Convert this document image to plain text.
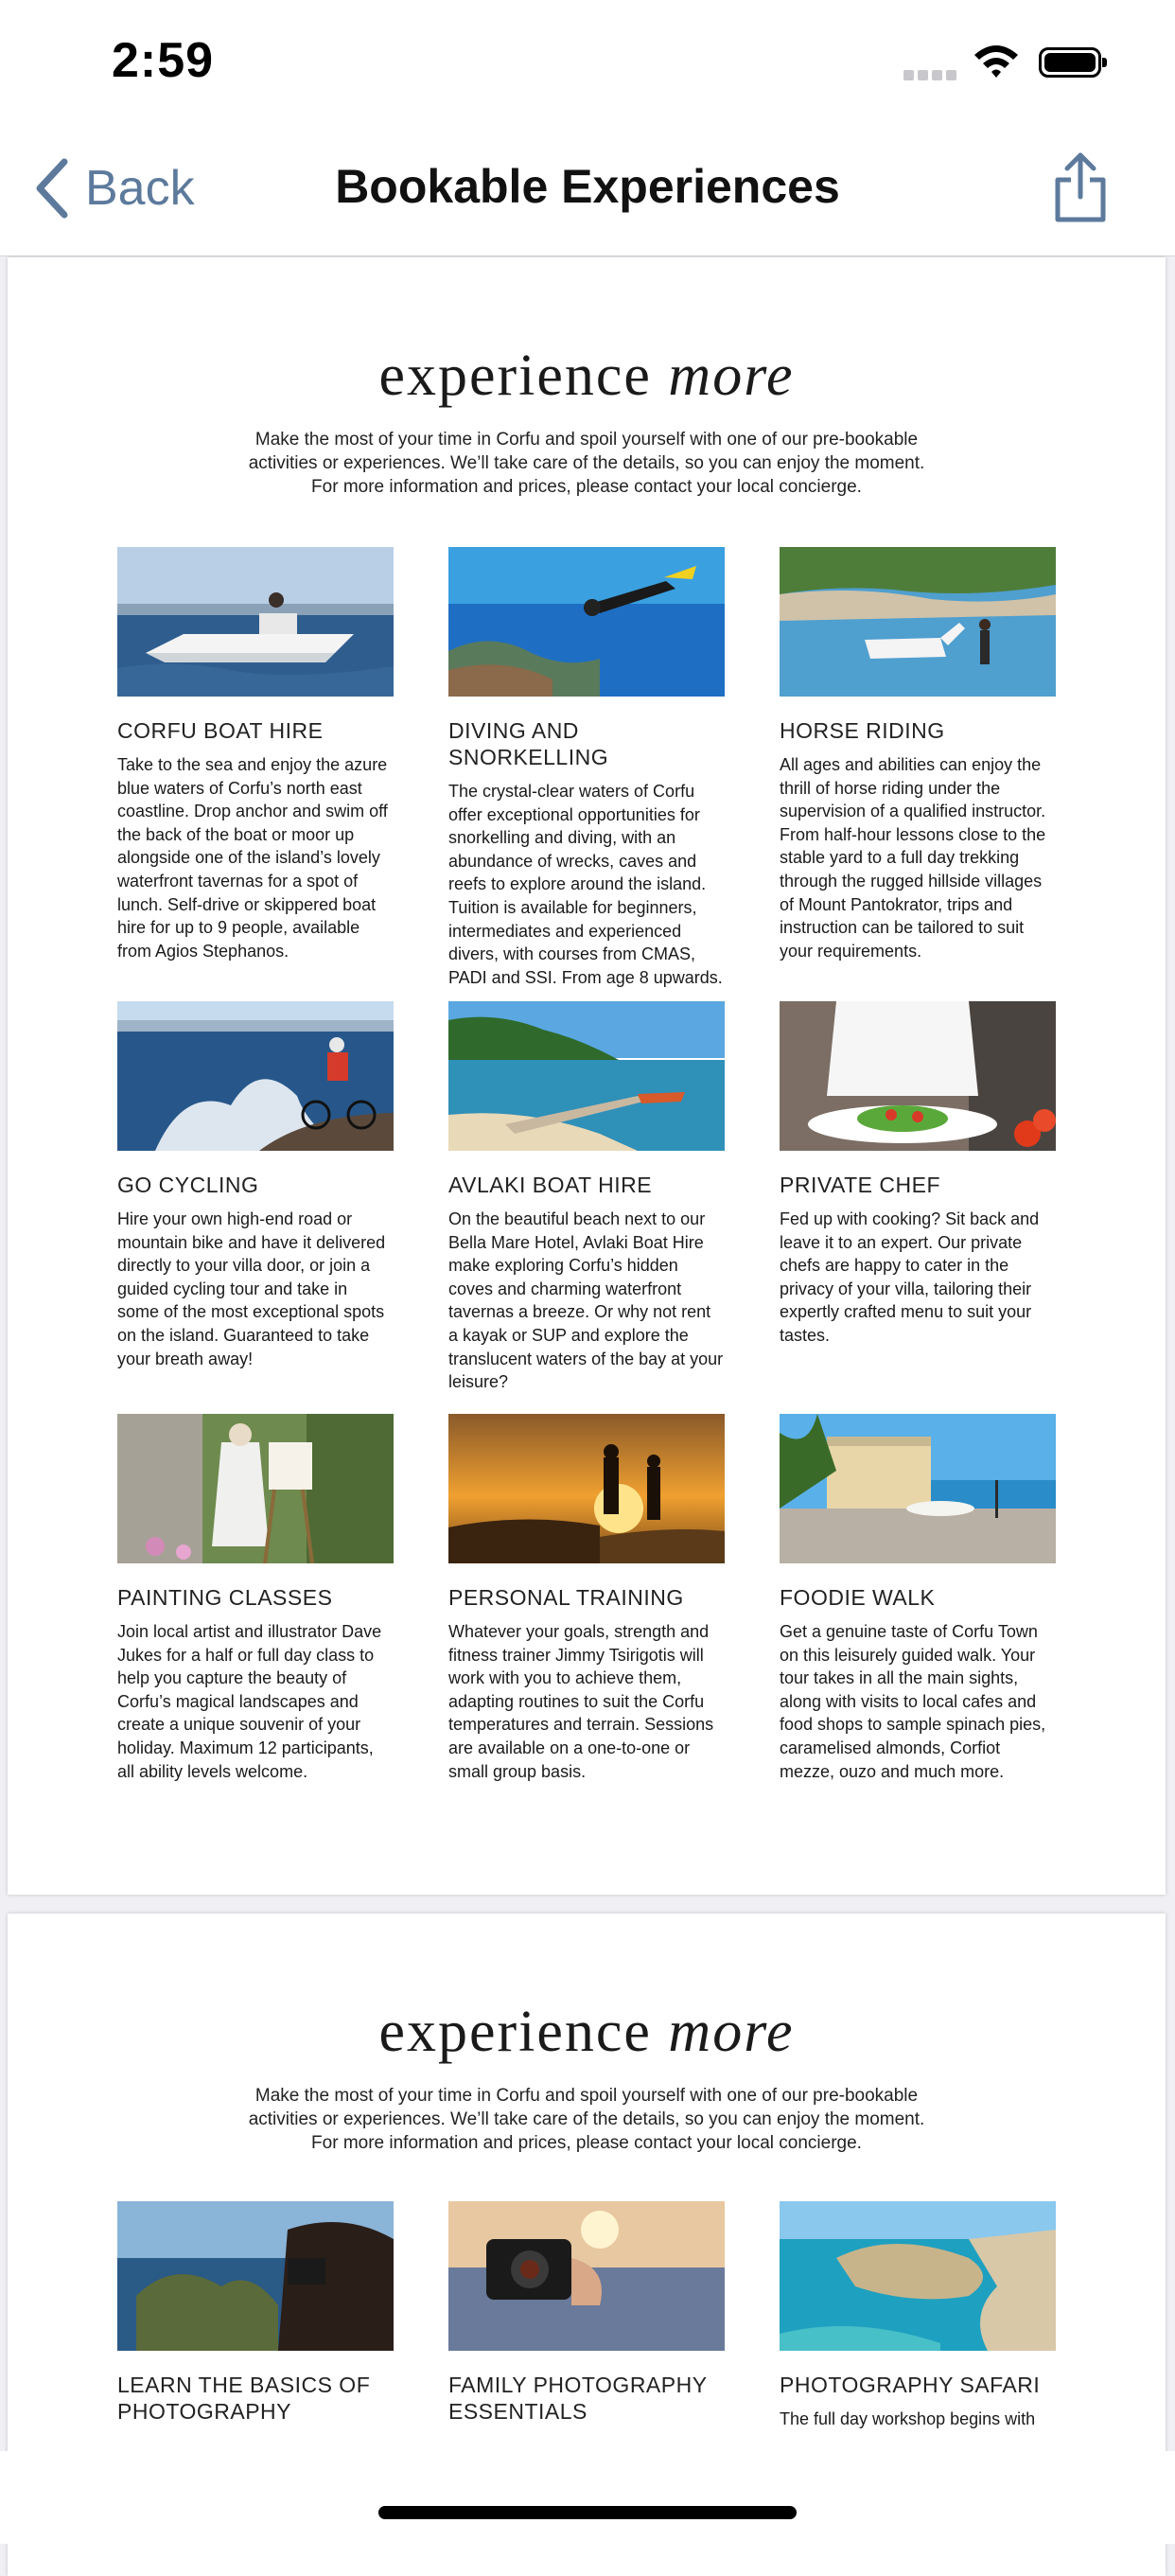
2:59
Back	Bookable Experiences
experience more
Make the most of your time in Corfu and spoil yourself with one of our pre-bookable
activities or experiences. We’ll take care of the details, so you can enjoy the moment.
For more information and prices, please contact your local concierge.
CORFU BOAT HIRE
Take to the sea and enjoy the azure blue waters of Corfu’s north east coastline. Drop anchor and swim off the back of the boat or moor up alongside one of the island’s lovely waterfront tavernas for a spot of lunch. Self-drive or skippered boat hire for up to 9 people, available from Agios Stephanos.
DIVING AND SNORKELLING
The crystal-clear waters of Corfu offer exceptional opportunities for snorkelling and diving, with an abundance of wrecks, caves and reefs to explore around the island. Tuition is available for beginners, intermediates and experienced divers, with courses from CMAS, PADI and SSI. From age 8 upwards.
HORSE RIDING
All ages and abilities can enjoy the thrill of horse riding under the supervision of a qualified instructor. From half-hour lessons close to the stable yard to a full day trekking through the rugged hillside villages of Mount Pantokrator, trips and instruction can be tailored to suit your requirements.
GO CYCLING
Hire your own high-end road or mountain bike and have it delivered directly to your villa door, or join a guided cycling tour and take in some of the most exceptional spots on the island. Guaranteed to take your breath away!
AVLAKI BOAT HIRE
On the beautiful beach next to our Bella Mare Hotel, Avlaki Boat Hire make exploring Corfu’s hidden coves and charming waterfront tavernas a breeze. Or why not rent a kayak or SUP and explore the translucent waters of the bay at your leisure?
PRIVATE CHEF
Fed up with cooking? Sit back and leave it to an expert. Our private chefs are happy to cater in the privacy of your villa, tailoring their expertly crafted menu to suit your tastes.
PAINTING CLASSES
Join local artist and illustrator Dave Jukes for a half or full day class to help you capture the beauty of Corfu’s magical landscapes and create a unique souvenir of your holiday. Maximum 12 participants, all ability levels welcome.
PERSONAL TRAINING
Whatever your goals, strength and fitness trainer Jimmy Tsirigotis will work with you to achieve them, adapting routines to suit the Corfu temperatures and terrain. Sessions are available on a one-to-one or small group basis.
FOODIE WALK
Get a genuine taste of Corfu Town on this leisurely guided walk. Your tour takes in all the main sights, along with visits to local cafes and food shops to sample spinach pies, caramelised almonds, Corfiot mezze, ouzo and much more.
experience more
Make the most of your time in Corfu and spoil yourself with one of our pre-bookable
activities or experiences. We’ll take care of the details, so you can enjoy the moment.
For more information and prices, please contact your local concierge.
LEARN THE BASICS OF PHOTOGRAPHY
FAMILY PHOTOGRAPHY ESSENTIALS
PHOTOGRAPHY SAFARI
The full day workshop begins with
